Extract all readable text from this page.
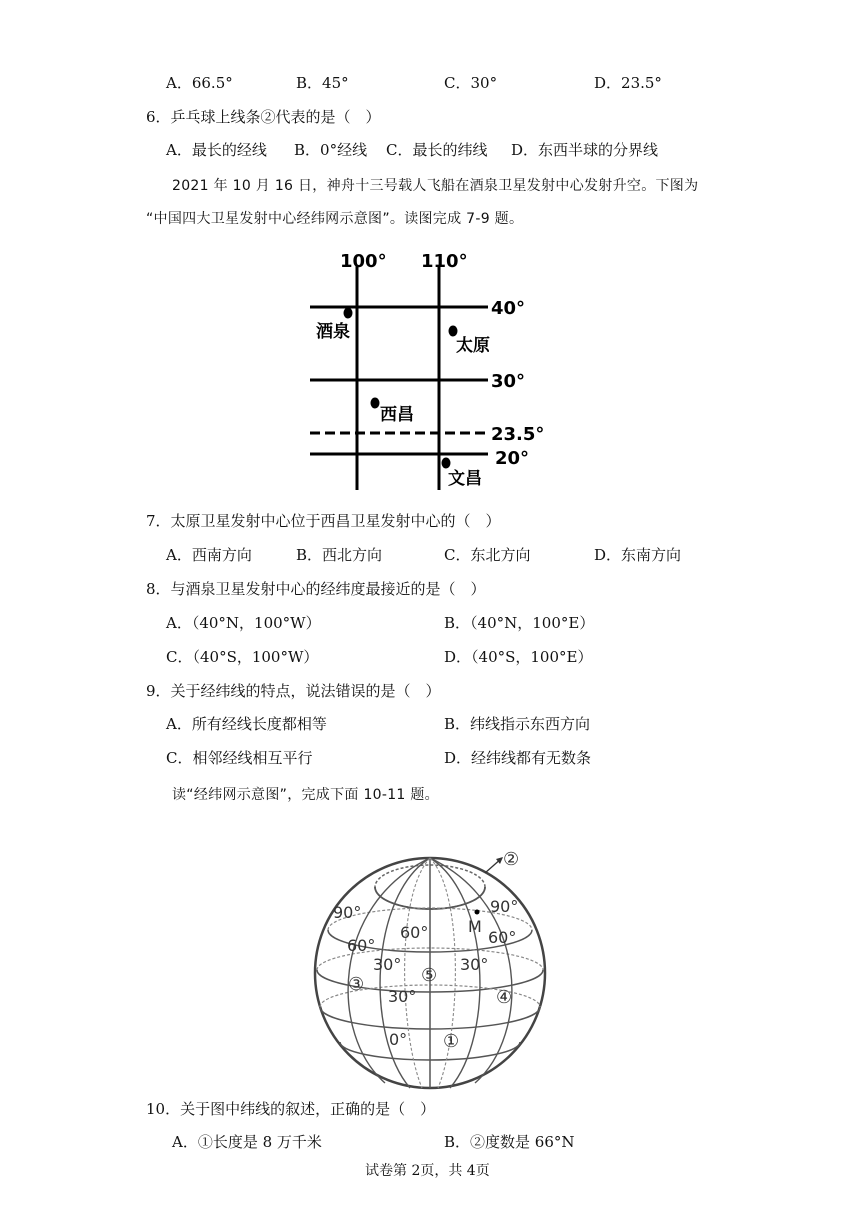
A．66.5°	B．45°	C．30°	D．23.5°
6．乒乓球上线条②代表的是（　）
A．最长的经线 B．0°经线 C．最长的纬线 D．东西半球的分界线
2021 年 10 月 16 日，神舟十三号载人飞船在酒泉卫星发射中心发射升空。下图为
“中国四大卫星发射中心经纬网示意图”。读图完成 7-9 题。
100° 110°
40°
30°
23.5°
20°
酒泉
太原
西昌
文昌
7．太原卫星发射中心位于西昌卫星发射中心的（　）
A．西南方向	B．西北方向	C．东北方向	D．东南方向
8．与酒泉卫星发射中心的经纬度最接近的是（　）
A．（40°N，100°W）	B．（40°N，100°E）
C．（40°S，100°W）	D．（40°S，100°E）
9．关于经纬线的特点，说法错误的是（　）
A．所有经线长度都相等	B．纬线指示东西方向
C．相邻经线相互平行	D．经纬线都有无数条
读“经纬网示意图”，完成下面 10-11 题。
90°	90°
60°
60°	60°
M
30°	30°
30°
0° ①
②
③
④
⑤
10．关于图中纬线的叙述，正确的是（　）
A．①长度是 8 万千米	B．②度数是 66°N
试卷第 2页，共 4页
